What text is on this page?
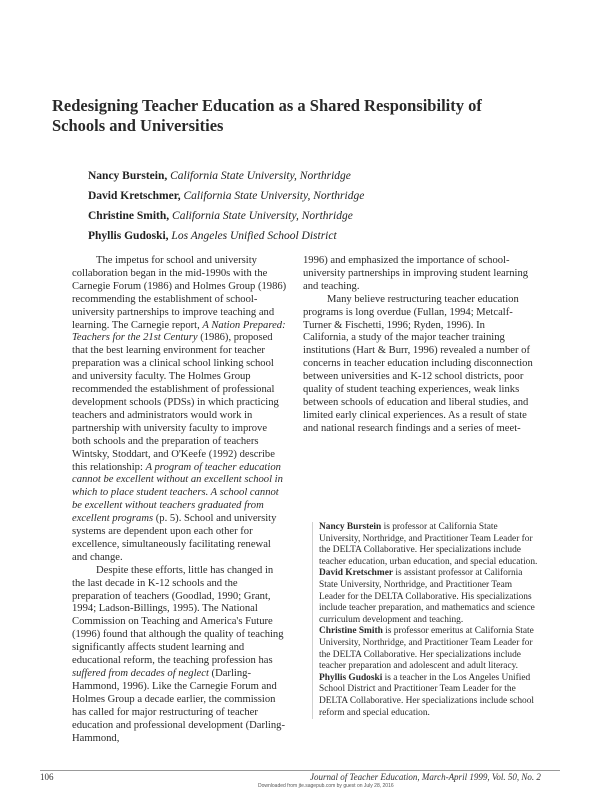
Redesigning Teacher Education as a Shared Responsibility of Schools and Universities
Nancy Burstein, California State University, Northridge
David Kretschmer, California State University, Northridge
Christine Smith, California State University, Northridge
Phyllis Gudoski, Los Angeles Unified School District

The impetus for school and university collaboration began in the mid-1990s with the Carnegie Forum (1986) and Holmes Group (1986) recommending the establishment of school-university partnerships to improve teaching and learning. The Carnegie report, A Nation Prepared: Teachers for the 21st Century (1986), proposed that the best learning environment for teacher preparation was a clinical school linking school and university faculty. The Holmes Group recommended the establishment of professional development schools (PDSs) in which practicing teachers and administrators would work in partnership with university faculty to improve both schools and the preparation of teachers Wintsky, Stoddart, and O'Keefe (1992) describe this relationship: A program of teacher education cannot be excellent without an excellent school in which to place student teachers. A school cannot be excellent without teachers graduated from excellent programs (p. 5). School and university systems are dependent upon each other for excellence, simultaneously facilitating renewal and change.

Despite these efforts, little has changed in the last decade in K-12 schools and the preparation of teachers (Goodlad, 1990; Grant, 1994; Ladson-Billings, 1995). The National Commission on Teaching and America's Future (1996) found that although the quality of teaching significantly affects student learning and educational reform, the teaching profession has suffered from decades of neglect (Darling-Hammond, 1996). Like the Carnegie Forum and Holmes Group a decade earlier, the commission has called for major restructuring of teacher education and professional development (Darling-Hammond,

1996) and emphasized the importance of school-university partnerships in improving student learning and teaching.

Many believe restructuring teacher education programs is long overdue (Fullan, 1994; Metcalf-Turner & Fischetti, 1996; Ryden, 1996). In California, a study of the major teacher training institutions (Hart & Burr, 1996) revealed a number of concerns in teacher education including disconnection between universities and K-12 school districts, poor quality of student teaching experiences, weak links between schools of education and liberal studies, and limited early clinical experiences. As a result of state and national research findings and a series of meet-

Nancy Burstein is professor at California State University, Northridge, and Practitioner Team Leader for the DELTA Collaborative. Her specializations include teacher education, urban education, and special education.

David Kretschmer is assistant professor at California State University, Northridge, and Practitioner Team Leader for the DELTA Collaborative. His specializations include teacher preparation, and mathematics and science curriculum development and teaching.

Christine Smith is professor emeritus at California State University, Northridge, and Practitioner Team Leader for the DELTA Collaborative. Her specializations include teacher preparation and adolescent and adult literacy.

Phyllis Gudoski is a teacher in the Los Angeles Unified School District and Practitioner Team Leader for the DELTA Collaborative. Her specializations include school reform and special education.

106	Journal of Teacher Education, March-April 1999, Vol. 50, No. 2
Downloaded from jte.sagepub.com by guest on July 28, 2016
